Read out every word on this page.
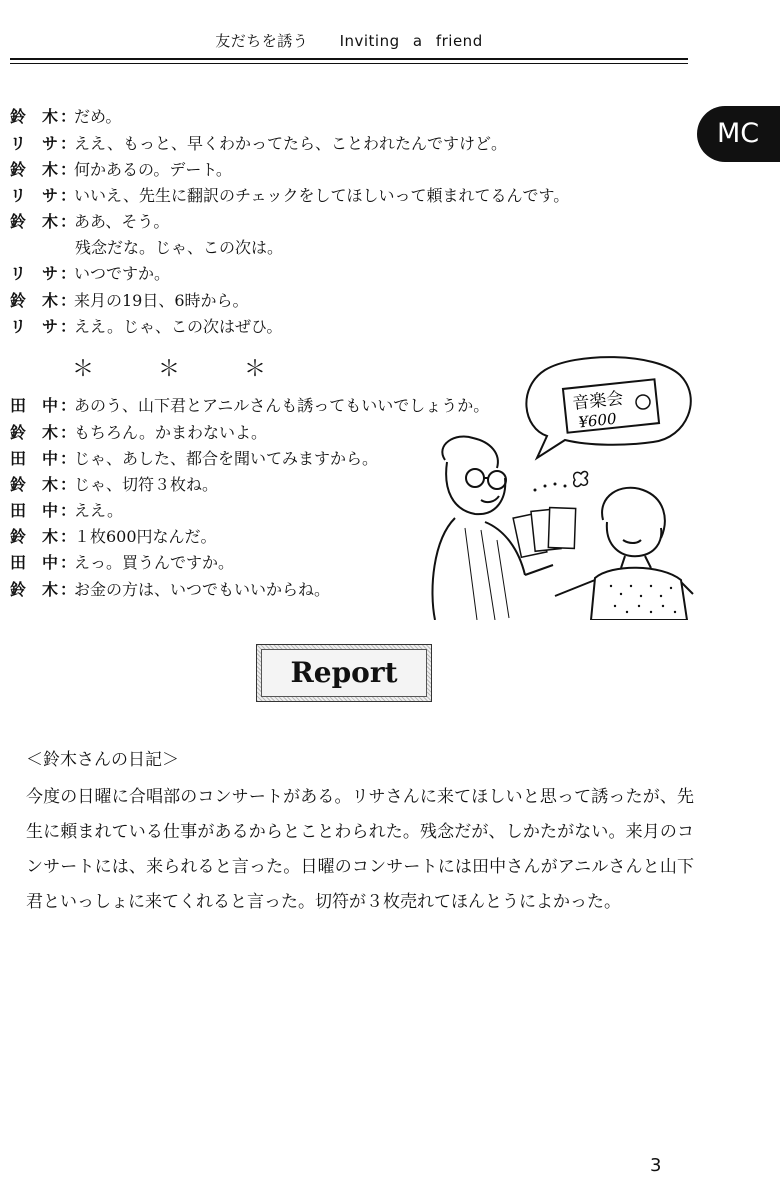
友だちを誘う Inviting a friend
MC
鈴　木 ：だめ。
リ　サ ：ええ、もっと、早くわかってたら、ことわれたんですけど。
鈴　木 ：何かあるの。デート。
リ　サ ：いいえ、先生に翻訳のチェックをしてほしいって頼まれてるんです。
鈴　木 ：ああ、そう。
残念だな。じゃ、この次は。
リ　サ ：いつですか。
鈴　木 ：来月の19日、6時から。
リ　サ ：ええ。じゃ、この次はぜひ。
＊	＊	＊
田　中 ：あのう、山下君とアニルさんも誘ってもいいでしょうか。
鈴　木 ：もちろん。かまわないよ。
田　中 ：じゃ、あした、都合を聞いてみますから。
鈴　木 ：じゃ、切符３枚ね。
田　中 ：ええ。
鈴　木 ：１枚600円なんだ。
田　中 ：えっ。買うんですか。
鈴　木 ：お金の方は、いつでもいいからね。
音楽会
¥600
Report
＜鈴木さんの日記＞

今度の日曜に合唱部のコンサートがある。リサさんに来てほしいと思って誘ったが、先生に頼まれている仕事があるからとことわられた。残念だが、しかたがない。来月のコンサートには、来られると言った。日曜のコンサートには田中さんがアニルさんと山下君といっしょに来てくれると言った。切符が３枚売れてほんとうによかった。

3
